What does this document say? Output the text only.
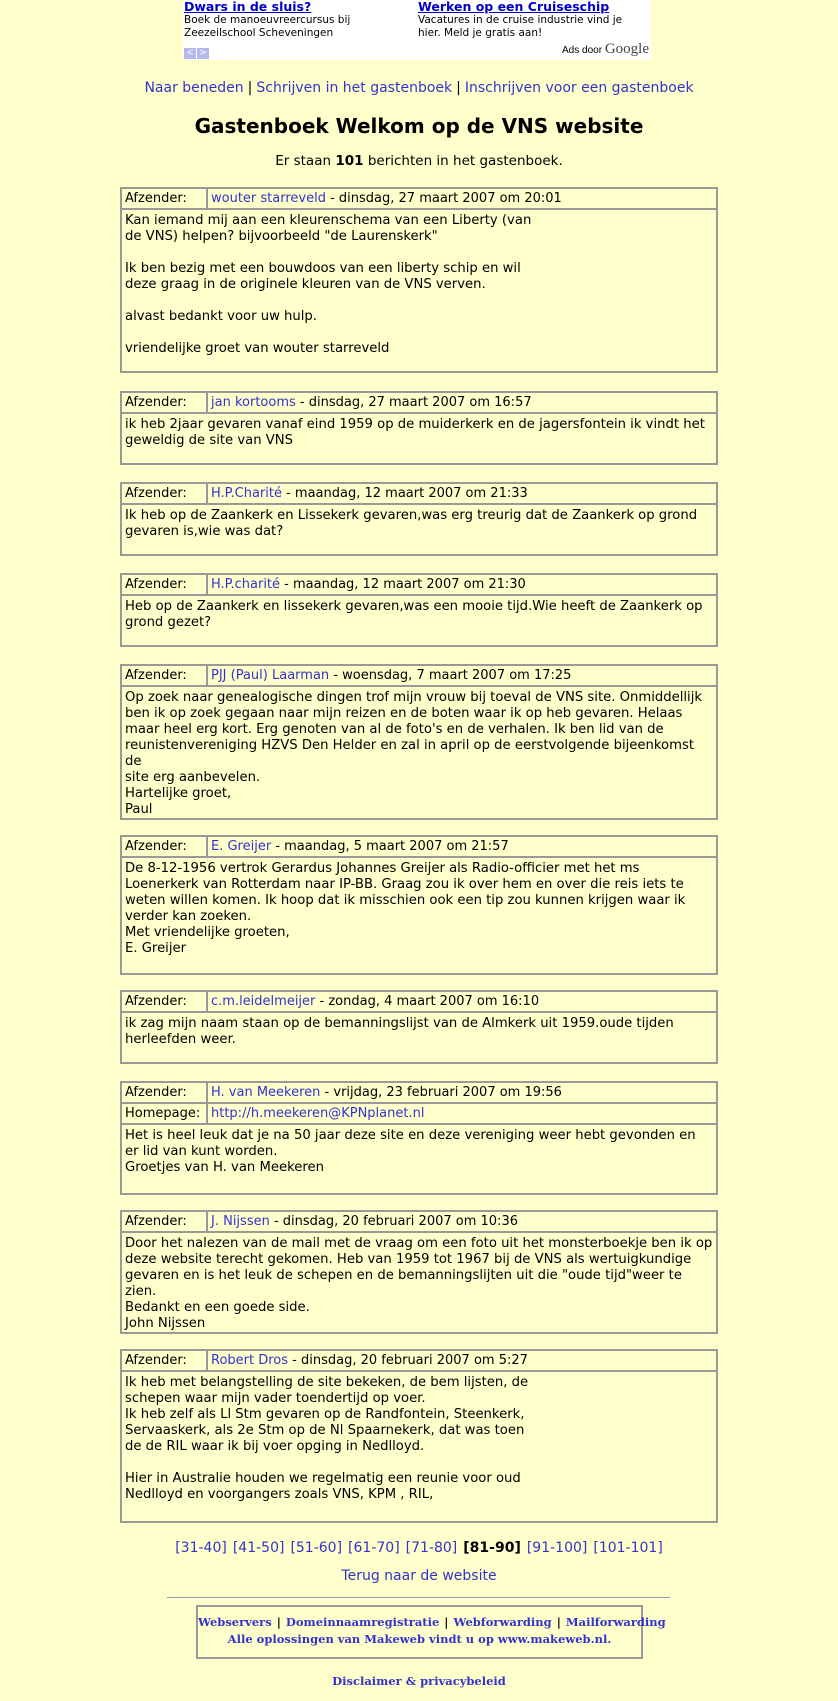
Dwars in de sluis?
Boek de manoeuvreercursus bij Zeezeilschool Scheveningen
Werken op een Cruiseschip
Vacatures in de cruise industrie vind je hier. Meld je gratis aan!
< >	Ads door Google
Naar beneden | Schrijven in het gastenboek | Inschrijven voor een gastenboek
Gastenboek Welkom op de VNS website
Er staan 101 berichten in het gastenboek.
Afzender:	wouter starreveld - dinsdag, 27 maart 2007 om 20:01
Kan iemand mij aan een kleurenschema van een Liberty (van
de VNS) helpen? bijvoorbeeld "de Laurenskerk"

Ik ben bezig met een bouwdoos van een liberty schip en wil
deze graag in de originele kleuren van de VNS verven.

alvast bedankt voor uw hulp.

vriendelijke groet van wouter starreveld
Afzender:	jan kortooms - dinsdag, 27 maart 2007 om 16:57
ik heb 2jaar gevaren vanaf eind 1959 op de muiderkerk en de jagersfontein ik vindt het
geweldig de site van VNS
Afzender:	H.P.Charité - maandag, 12 maart 2007 om 21:33
Ik heb op de Zaankerk en Lissekerk gevaren,was erg treurig dat de Zaankerk op grond
gevaren is,wie was dat?
Afzender:	H.P.charité - maandag, 12 maart 2007 om 21:30
Heb op de Zaankerk en lissekerk gevaren,was een mooie tijd.Wie heeft de Zaankerk op
grond gezet?
Afzender:	PJJ (Paul) Laarman - woensdag, 7 maart 2007 om 17:25
Op zoek naar genealogische dingen trof mijn vrouw bij toeval de VNS site. Onmiddellijk
ben ik op zoek gegaan naar mijn reizen en de boten waar ik op heb gevaren. Helaas
maar heel erg kort. Erg genoten van al de foto's en de verhalen. Ik ben lid van de
reunistenvereniging HZVS Den Helder en zal in april op de eerstvolgende bijeenkomst de
site erg aanbevelen.
Hartelijke groet,
Paul
Afzender:	E. Greijer - maandag, 5 maart 2007 om 21:57
De 8-12-1956 vertrok Gerardus Johannes Greijer als Radio-officier met het ms
Loenerkerk van Rotterdam naar IP-BB. Graag zou ik over hem en over die reis iets te
weten willen komen. Ik hoop dat ik misschien ook een tip zou kunnen krijgen waar ik
verder kan zoeken.
Met vriendelijke groeten,
E. Greijer
Afzender:	c.m.leidelmeijer - zondag, 4 maart 2007 om 16:10
ik zag mijn naam staan op de bemanningslijst van de Almkerk uit 1959.oude tijden
herleefden weer.
Afzender:	H. van Meekeren - vrijdag, 23 februari 2007 om 19:56
Homepage: http://h.meekeren@KPNplanet.nl
Het is heel leuk dat je na 50 jaar deze site en deze vereniging weer hebt gevonden en
er lid van kunt worden.
Groetjes van H. van Meekeren
Afzender:	J. Nijssen - dinsdag, 20 februari 2007 om 10:36
Door het nalezen van de mail met de vraag om een foto uit het monsterboekje ben ik op
deze website terecht gekomen. Heb van 1959 tot 1967 bij de VNS als wertuigkundige
gevaren en is het leuk de schepen en de bemanningslijten uit die "oude tijd"weer te zien.
Bedankt en een goede side.
John Nijssen
Afzender:	Robert Dros - dinsdag, 20 februari 2007 om 5:27
Ik heb met belangstelling de site bekeken, de bem lijsten, de
schepen waar mijn vader toendertijd op voer.
Ik heb zelf als Ll Stm gevaren op de Randfontein, Steenkerk,
Servaaskerk, als 2e Stm op de Nl Spaarnekerk, dat was toen
de de RIL waar ik bij voer opging in Nedlloyd.

Hier in Australie houden we regelmatig een reunie voor oud
Nedlloyd en voorgangers zoals VNS, KPM , RIL,
[31-40] [41-50] [51-60] [61-70] [71-80] [81-90] [91-100] [101-101]
Terug naar de website
Webservers | Domeinnaamregistratie | Webforwarding | Mailforwarding
Alle oplossingen van Makeweb vindt u op www.makeweb.nl.
Disclaimer & privacybeleid
